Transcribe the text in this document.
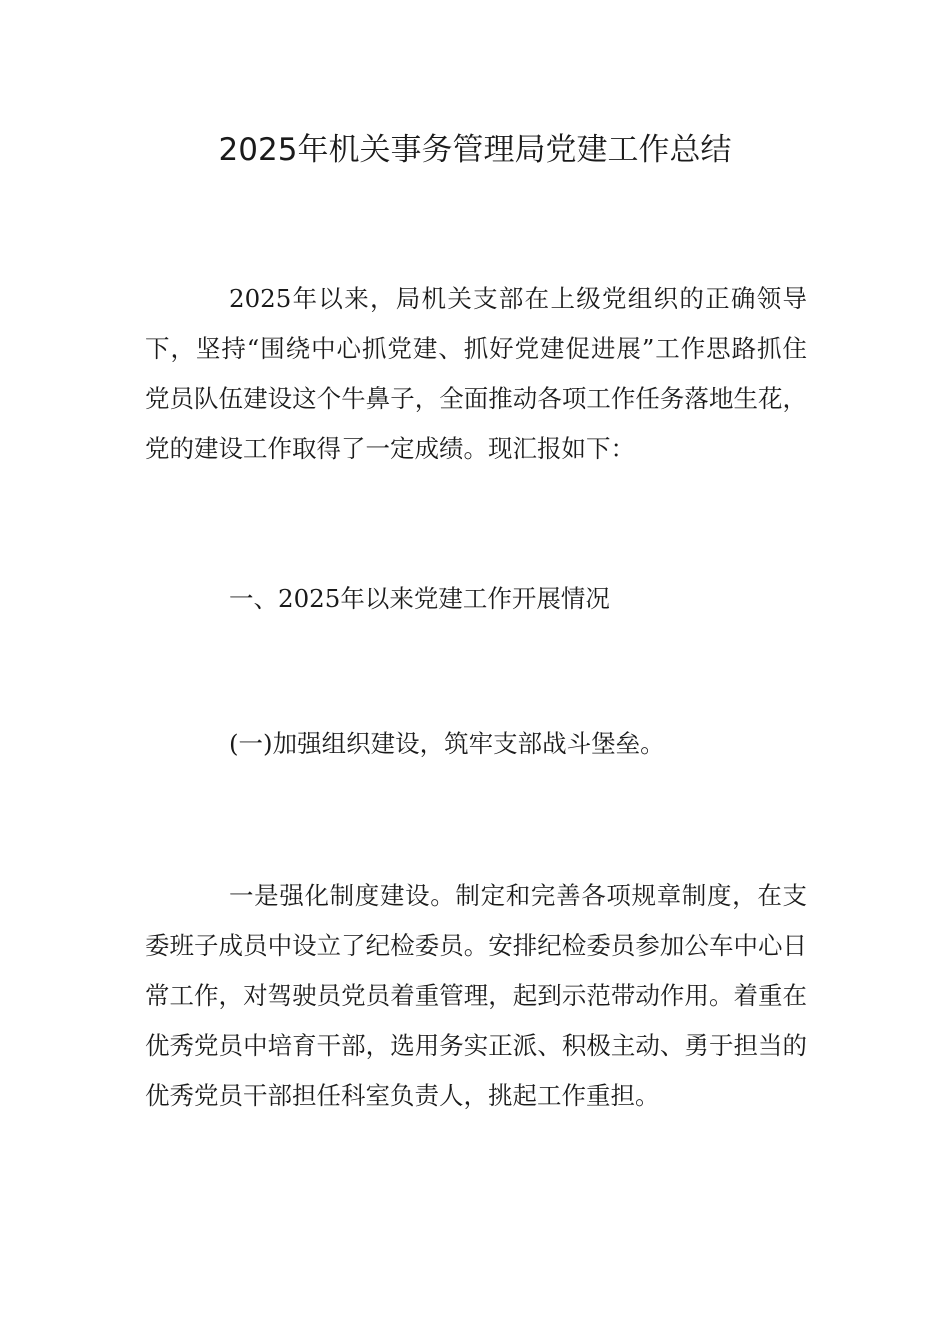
2025年机关事务管理局党建工作总结

2025年以来，局机关支部在上级党组织的正确领导下，坚持“围绕中心抓党建、抓好党建促进展”工作思路抓住党员队伍建设这个牛鼻子，全面推动各项工作任务落地生花，党的建设工作取得了一定成绩。现汇报如下：

一、2025年以来党建工作开展情况

(一)加强组织建设，筑牢支部战斗堡垒。

一是强化制度建设。制定和完善各项规章制度，在支委班子成员中设立了纪检委员。安排纪检委员参加公车中心日常工作，对驾驶员党员着重管理，起到示范带动作用。着重在优秀党员中培育干部，选用务实正派、积极主动、勇于担当的优秀党员干部担任科室负责人，挑起工作重担。
